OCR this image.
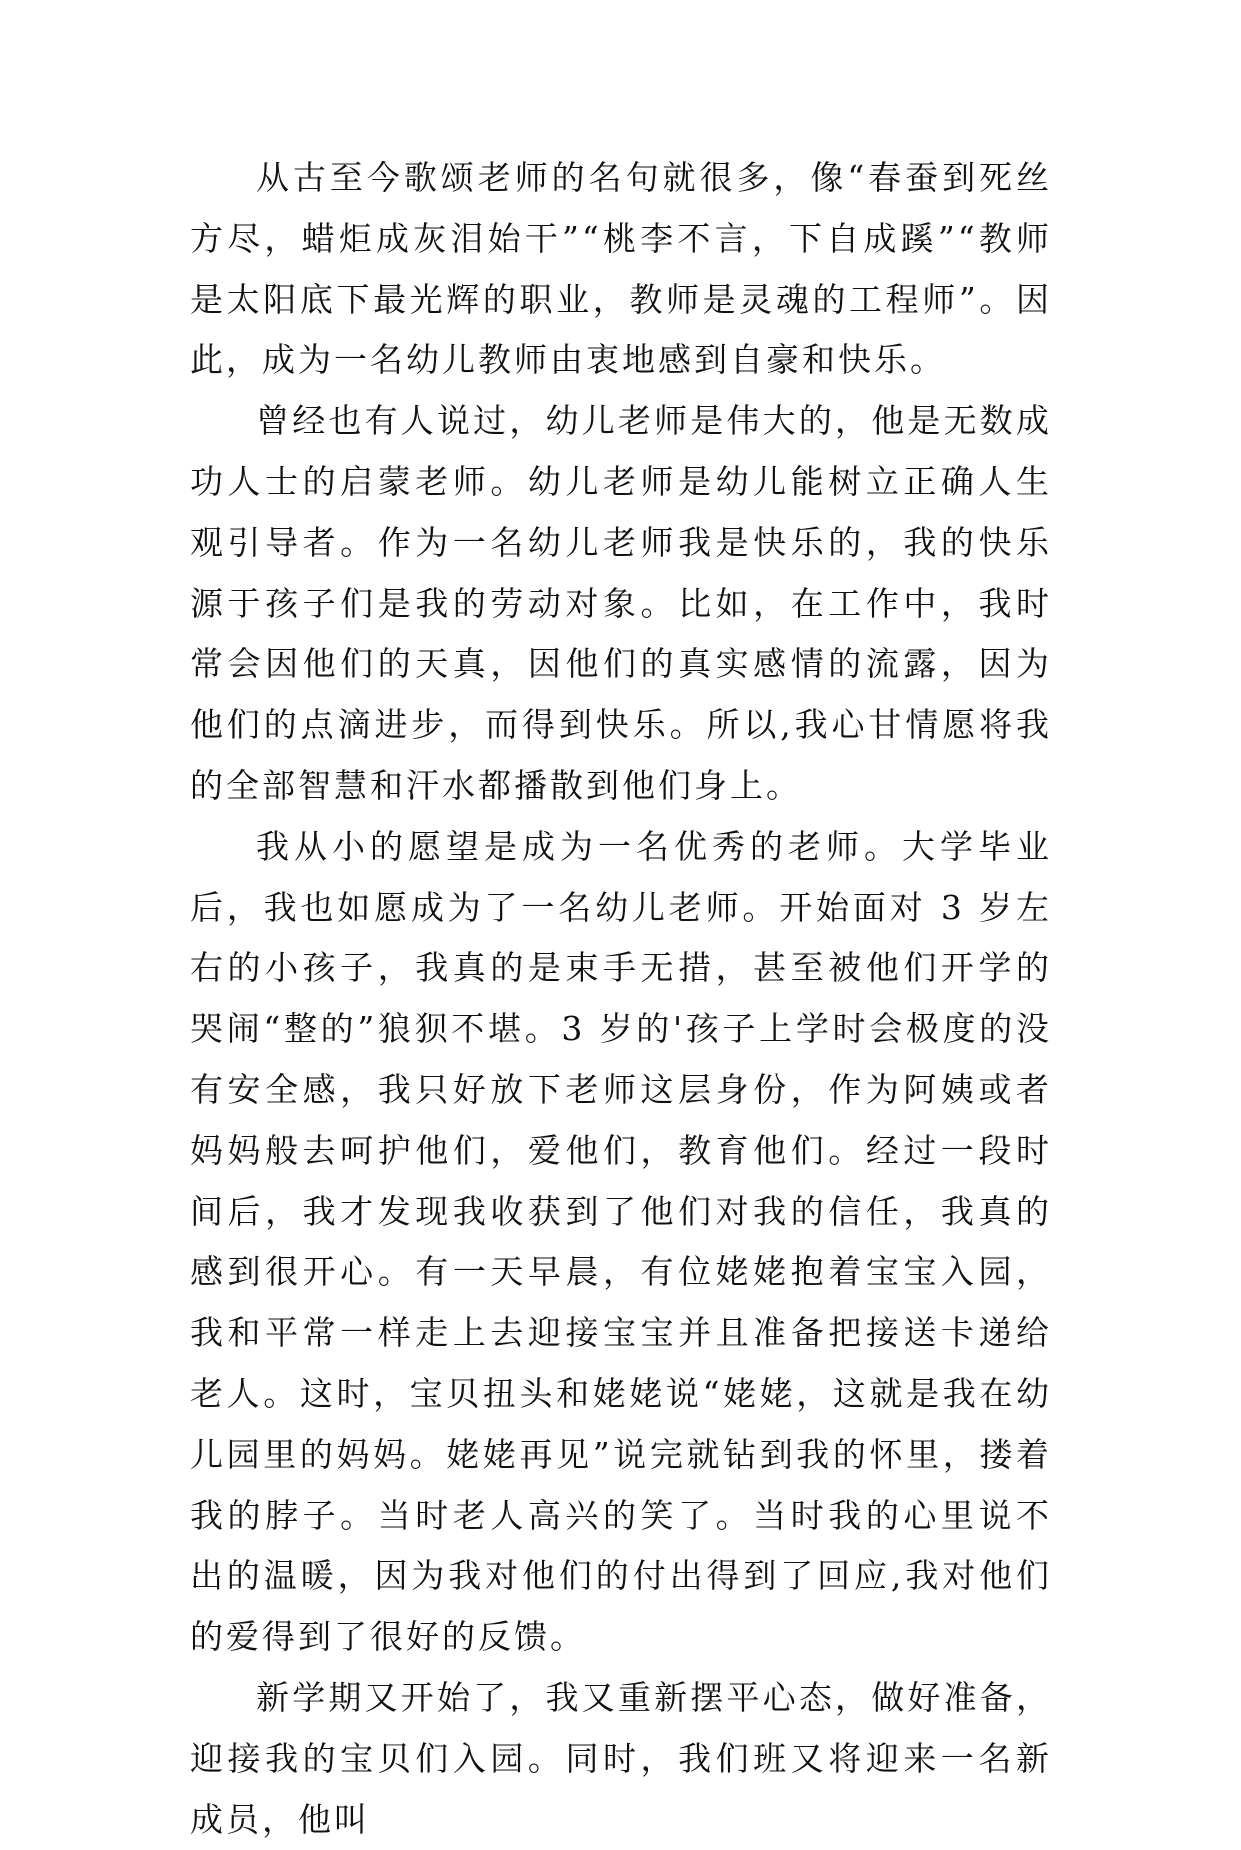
从古至今歌颂老师的名句就很多，像“春蚕到死丝方尽，蜡炬成灰泪始干”“桃李不言，下自成蹊”“教师是太阳底下最光辉的职业，教师是灵魂的工程师”。因此，成为一名幼儿教师由衷地感到自豪和快乐。

曾经也有人说过，幼儿老师是伟大的，他是无数成功人士的启蒙老师。幼儿老师是幼儿能树立正确人生观引导者。作为一名幼儿老师我是快乐的，我的快乐源于孩子们是我的劳动对象。比如，在工作中，我时常会因他们的天真，因他们的真实感情的流露，因为他们的点滴进步，而得到快乐。所以,我心甘情愿将我的全部智慧和汗水都播散到他们身上。

我从小的愿望是成为一名优秀的老师。大学毕业后，我也如愿成为了一名幼儿老师。开始面对 3 岁左右的小孩子，我真的是束手无措，甚至被他们开学的哭闹“整的”狼狈不堪。3 岁的'孩子上学时会极度的没有安全感，我只好放下老师这层身份，作为阿姨或者妈妈般去呵护他们，爱他们，教育他们。经过一段时间后，我才发现我收获到了他们对我的信任，我真的感到很开心。有一天早晨，有位姥姥抱着宝宝入园，我和平常一样走上去迎接宝宝并且准备把接送卡递给老人。这时，宝贝扭头和姥姥说“姥姥，这就是我在幼儿园里的妈妈。姥姥再见”说完就钻到我的怀里，搂着我的脖子。当时老人高兴的笑了。当时我的心里说不出的温暖，因为我对他们的付出得到了回应,我对他们的爱得到了很好的反馈。

新学期又开始了，我又重新摆平心态，做好准备，迎接我的宝贝们入园。同时，我们班又将迎来一名新成员，他叫
